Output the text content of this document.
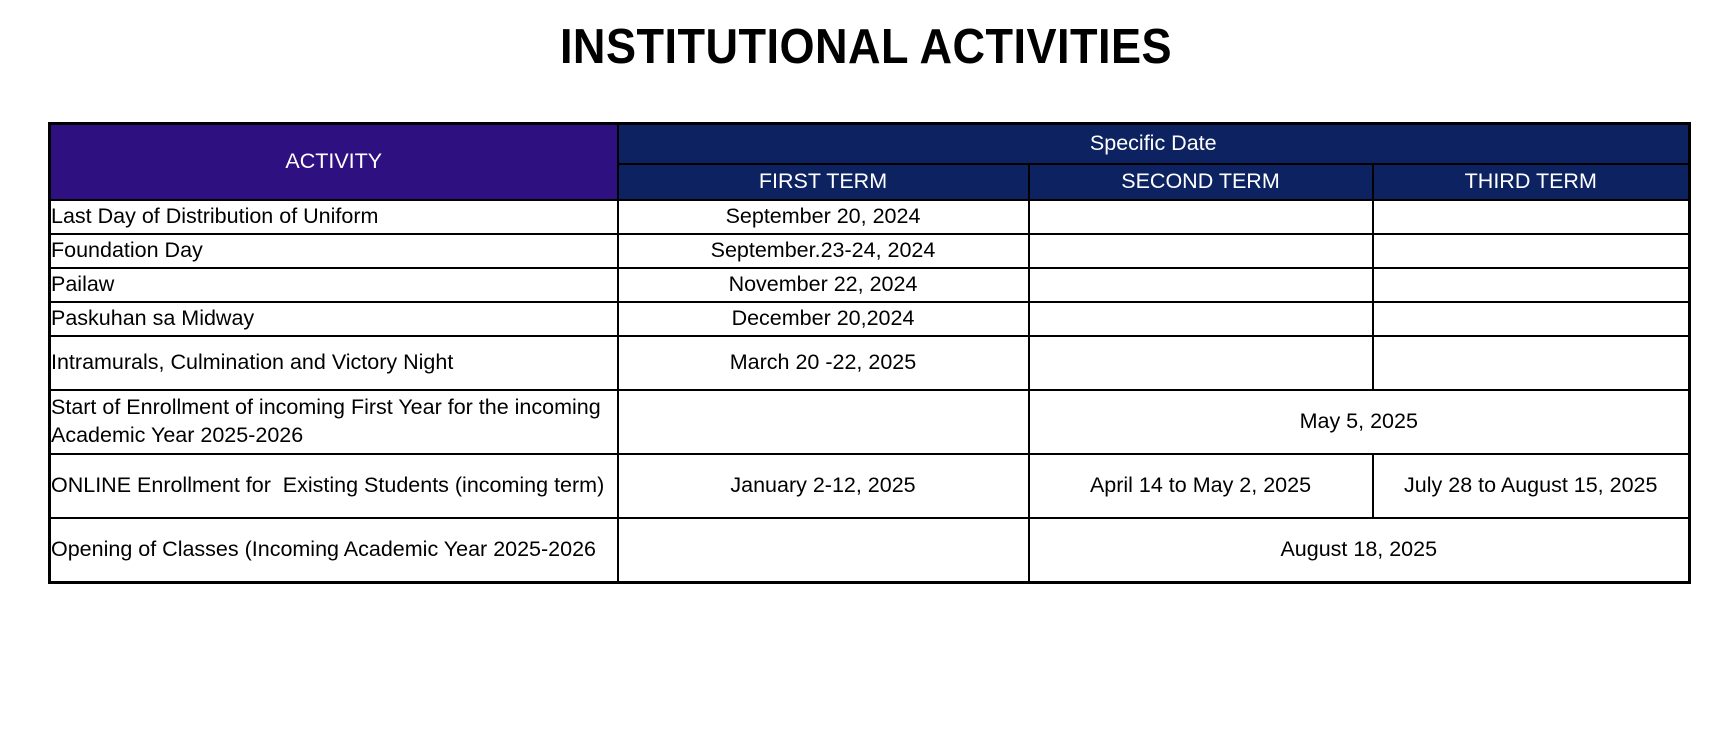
INSTITUTIONAL ACTIVITIES
ACTIVITY	Specific Date		
	FIRST TERM	SECOND TERM	THIRD TERM
Last Day of Distribution of Uniform	September 20, 2024		
Foundation Day	September.23-24, 2024		
Pailaw	November 22, 2024		
Paskuhan sa Midway	December 20,2024		
Intramurals, Culmination and Victory Night	March 20 -22, 2025		
Start of Enrollment of incoming First Year for the incoming Academic Year 2025-2026		May 5, 2025	
ONLINE Enrollment for  Existing Students (incoming term)	January 2-12, 2025	April 14 to May 2, 2025	July 28 to August 15, 2025
Opening of Classes (Incoming Academic Year 2025-2026		August 18, 2025	
